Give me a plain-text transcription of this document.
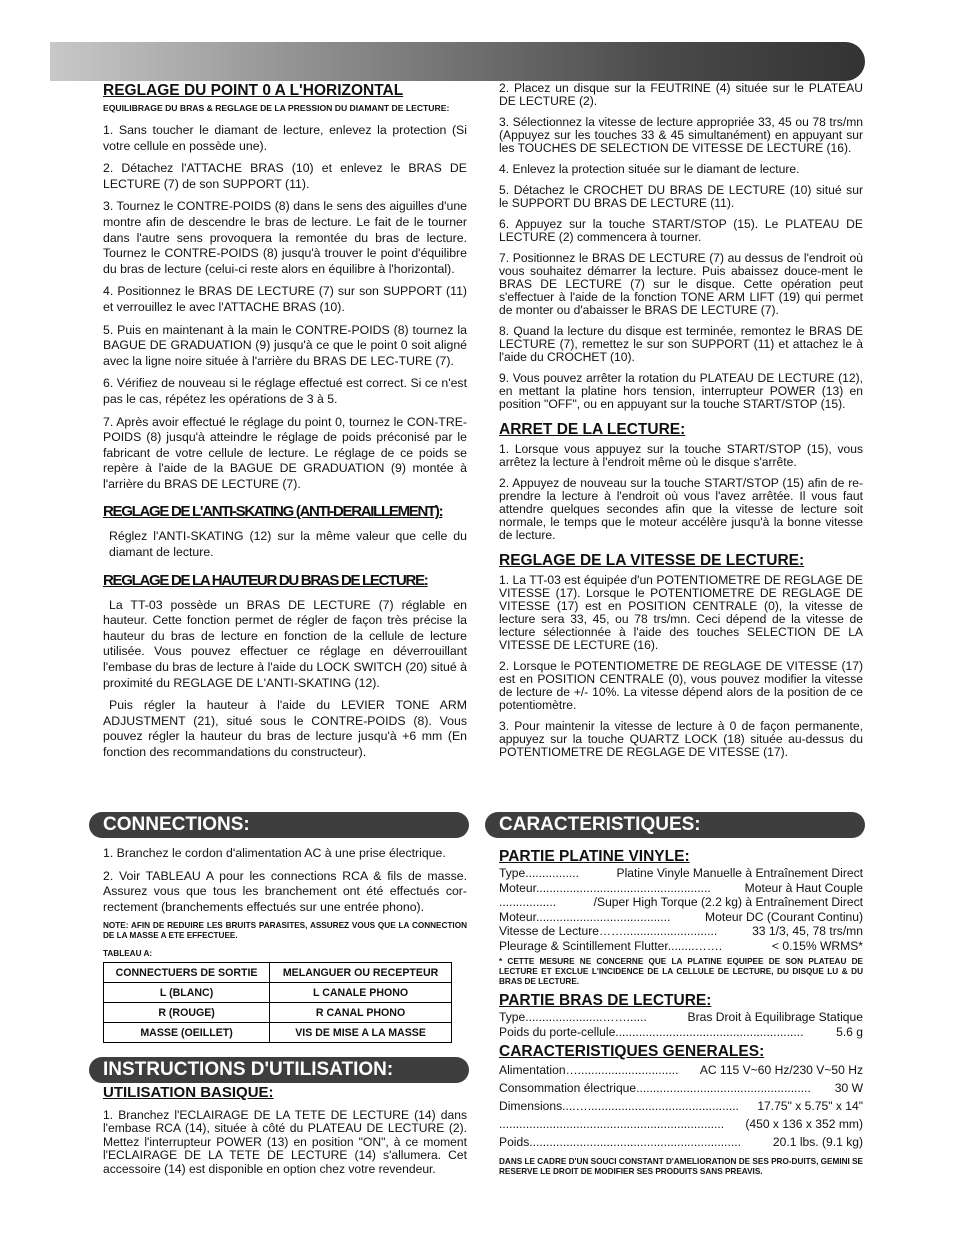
REGLAGE DU POINT 0 A L'HORIZONTAL
EQUILIBRAGE DU BRAS & REGLAGE DE LA PRESSION DU DIAMANT DE LECTURE:

1. Sans toucher le diamant de lecture, enlevez la protection (Si votre cellule en possède une).

2. Détachez l'ATTACHE BRAS (10) et enlevez le BRAS DE LECTURE (7) de son SUPPORT (11).

3. Tournez le CONTRE-POIDS (8) dans le sens des aiguilles d'une montre afin de descendre le bras de lecture. Le fait de le tourner dans l'autre sens provoquera la remontée du bras de lecture. Tournez le CONTRE-POIDS (8) jusqu'à trouver le point d'équilibre du bras de lecture (celui-ci reste alors en équilibre à l'horizontal).

4. Positionnez le BRAS DE LECTURE (7) sur son SUPPORT (11) et verrouillez le avec l'ATTACHE BRAS (10).

5. Puis en maintenant à la main le CONTRE-POIDS (8) tournez la BAGUE DE GRADUATION (9) jusqu'à ce que le point 0 soit aligné avec la ligne noire située à l'arrière du BRAS DE LEC-TURE (7).

6. Vérifiez de nouveau si le réglage effectué est correct. Si ce n'est pas le cas, répétez les opérations de 3 à 5.

7. Après avoir effectué le réglage du point 0, tournez le CON-TRE-POIDS (8) jusqu'à atteindre le réglage de poids préconisé par le fabricant de votre cellule de lecture. Le réglage de ce poids se repère à l'aide de la BAGUE DE GRADUATION (9) montée à l'arrière du BRAS DE LECTURE (7).

REGLAGE DE L'ANTI-SKATING (ANTI-DERAILLEMENT):

Réglez l'ANTI-SKATING (12) sur la même valeur que celle du diamant de lecture.

REGLAGE DE LA HAUTEUR DU BRAS DE LECTURE:

La TT-03 possède un BRAS DE LECTURE (7) réglable en hauteur. Cette fonction permet de régler de façon très précise la hauteur du bras de lecture en fonction de la cellule de lecture utilisée. Vous pouvez effectuer ce réglage en déverrouillant l'embase du bras de lecture à l'aide du LOCK SWITCH (20) situé à proximité du REGLAGE DE L'ANTI-SKATING (12).

Puis régler la hauteur à l'aide du LEVIER TONE ARM ADJUSTMENT (21), situé sous le CONTRE-POIDS (8). Vous pouvez régler la hauteur du bras de lecture jusqu'à +6 mm (En fonction des recommandations du constructeur).

CONNECTIONS:

1. Branchez le cordon d'alimentation AC à une prise électrique.

2. Voir TABLEAU A pour les connections RCA & fils de masse. Assurez vous que tous les branchement ont été effectués cor-rectement (branchements effectués sur une entrée phono).

NOTE: AFIN DE REDUIRE LES BRUITS PARASITES, ASSUREZ VOUS QUE LA CONNECTION DE LA MASSE A ETE EFFECTUEE.
TABLEAU A:
CONNECTUERS DE SORTIE	MELANGUER OU RECEPTEUR
L (BLANC)	L CANALE PHONO
R (ROUGE)	R CANAL PHONO
MASSE (OEILLET)	VIS DE MISE A LA MASSE
INSTRUCTIONS D'UTILISATION:
UTILISATION BASIQUE:

1. Branchez l'ECLAIRAGE DE LA TETE DE LECTURE (14) dans l'embase RCA (14), située à côté du PLATEAU DE LECTURE (2). Mettez l'interrupteur POWER (13) en position "ON", à ce moment l'ECLAIRAGE DE LA TETE DE LECTURE (14) s'allumera. Cet accessoire (14) est disponible en option chez votre revendeur.

2. Placez un disque sur la FEUTRINE (4) située sur le PLATEAU DE LECTURE (2).

3. Sélectionnez la vitesse de lecture appropriée 33, 45 ou 78 trs/mn (Appuyez sur les touches 33 & 45 simultanément) en appuyant sur les TOUCHES DE SELECTION DE VITESSE DE LECTURE (16).

4. Enlevez la protection située sur le diamant de lecture.

5. Détachez le CROCHET DU BRAS DE LECTURE (10) situé sur le SUPPORT DU BRAS DE LECTURE (11).

6. Appuyez sur la touche START/STOP (15). Le PLATEAU DE LECTURE (2) commencera à tourner.

7. Positionnez le BRAS DE LECTURE (7) au dessus de l'endroit où vous souhaitez démarrer la lecture. Puis abaissez douce-ment le BRAS DE LECTURE (7) sur le disque. Cette opération peut s'effectuer à l'aide de la fonction TONE ARM LIFT (19) qui permet de monter ou d'abaisser le BRAS DE LECTURE (7).

8. Quand la lecture du disque est terminée, remontez le BRAS DE LECTURE (7), remettez le sur son SUPPORT (11) et attachez le à l'aide du CROCHET (10).

9. Vous pouvez arrêter la rotation du PLATEAU DE LECTURE (12), en mettant la platine hors tension, interrupteur POWER (13) en position "OFF", ou en appuyant sur la touche START/STOP (15).

ARRET DE LA LECTURE:

1. Lorsque vous appuyez sur la touche START/STOP (15), vous arrêtez la lecture à l'endroit même où le disque s'arrête.

2. Appuyez de nouveau sur la touche START/STOP (15) afin de re-prendre la lecture à l'endroit où vous l'avez arrêtée. Il vous faut attendre quelques secondes afin que la vitesse de lecture soit normale, le temps que le moteur accélère jusqu'à la bonne vitesse de lecture.

REGLAGE DE LA VITESSE DE LECTURE:

1. La TT-03 est équipée d'un POTENTIOMETRE DE REGLAGE DE VITESSE (17). Lorsque le POTENTIOMETRE DE REGLAGE DE VITESSE (17) est en POSITION CENTRALE (0), la vitesse de lecture sera 33, 45, ou 78 trs/mn. Ceci dépend de la vitesse de lecture sélectionnée à l'aide des touches SELECTION DE LA VITESSE DE LECTURE (16).

2. Lorsque le POTENTIOMETRE DE REGLAGE DE VITESSE (17) est en POSITION CENTRALE (0), vous pouvez modifier la vitesse de lecture de +/- 10%. La vitesse dépend alors de la position de ce potentiomètre.

3. Pour maintenir la vitesse de lecture à 0 de façon permanente, appuyez sur la touche QUARTZ LOCK (18) située au-dessus du POTENTIOMETRE DE REGLAGE DE VITESSE (17).

CARACTERISTIQUES:
PARTIE PLATINE VINYLE:
Type................	Platine Vinyle Manuelle à Entraînement Direct
Moteur....................................................	Moteur à Haut Couple
.................	/Super High Torque (2.2 kg) à Entraînement Direct
Moteur........................................	Moteur DC (Courant Continu)
Vitesse de Lecture……............................	33 1/3, 45, 78 trs/mn
Pleurage & Scintillement Flutter........…….	< 0.15% WRMS*
* CETTE MESURE NE CONCERNE QUE LA PLATINE EQUIPEE DE SON PLATEAU DE LECTURE ET EXCLUE L'INCIDENCE DE LA CELLULE DE LECTURE, DU DISQUE LU & DU BRAS DE LECTURE.
PARTIE BRAS DE LECTURE:
Type.......................……......	Bras Droit à Equilibrage Statique
Poids du porte-cellule........................................................	5.6 g
CARACTERISTIQUES GENERALES:
Alimentation…..............................	AC 115 V~60 Hz/230 V~50 Hz
Consommation électrique....................................................	30 W
Dimensions....….............................................	17.75" x 5.75" x 14"
...................................................................	(450 x 136 x 352 mm)
Poids...............................................................	20.1 lbs. (9.1 kg)
DANS LE CADRE D'UN SOUCI CONSTANT D'AMELIORATION DE SES PRO-DUITS, GEMINI SE RESERVE LE DROIT DE MODIFIER SES PRODUITS SANS PREAVIS.
